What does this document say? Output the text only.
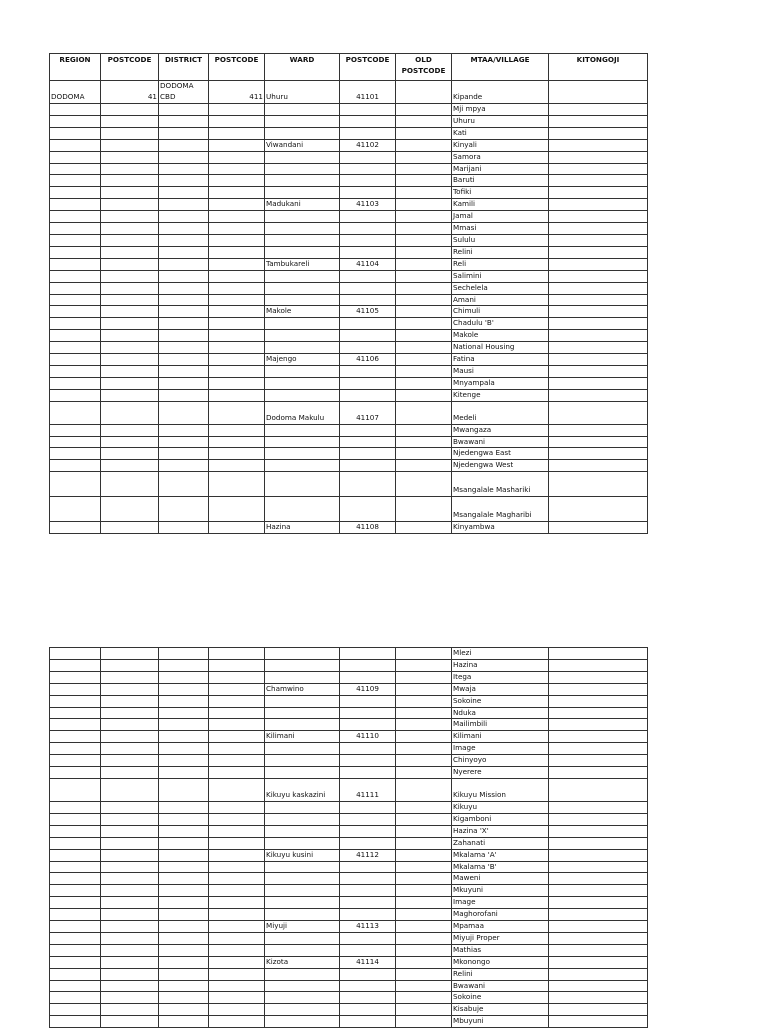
REGION	POSTCODE	DISTRICT	POSTCODE	WARD	POSTCODE	OLD POSTCODE	MTAA/VILLAGE	KITONGOJI
DODOMA	41	DODOMA CBD	411	Uhuru	41101		Kipande	
							Mji mpya	
							Uhuru	
							Kati	
				Viwandani	41102		Kinyali	
							Samora	
							Marijani	
							Baruti	
							Tofiki	
				Madukani	41103		Kamili	
							Jamal	
							Mmasi	
							Sululu	
							Relini	
				Tambukareli	41104		Reli	
							Salimini	
							Sechelela	
							Amani	
				Makole	41105		Chimuli	
							Chadulu 'B'	
							Makole	
							National Housing	
				Majengo	41106		Fatina	
							Mausi	
							Mnyampala	
							Kitenge	
				Dodoma Makulu	41107		Medeli	
							Mwangaza	
							Bwawani	
							Njedengwa East	
							Njedengwa West	
							Msangalale Mashariki	
							Msangalale Magharibi	
				Hazina	41108		Kinyambwa	
							Mlezi	
							Hazina	
							Itega	
				Chamwino	41109		Mwaja	
							Sokoine	
							Nduka	
							Mailimbili	
				Kilimani	41110		Kilimani	
							Image	
							Chinyoyo	
							Nyerere	
				Kikuyu kaskazini	41111		Kikuyu Mission	
							Kikuyu	
							Kigamboni	
							Hazina 'X'	
							Zahanati	
				Kikuyu kusini	41112		Mkalama 'A'	
							Mkalama 'B'	
							Maweni	
							Mkuyuni	
							Image	
							Maghorofani	
				Miyuji	41113		Mpamaa	
							Miyuji Proper	
							Mathias	
				Kizota	41114		Mkonongo	
							Relini	
							Bwawani	
							Sokoine	
							Kisabuje	
							Mbuyuni	
